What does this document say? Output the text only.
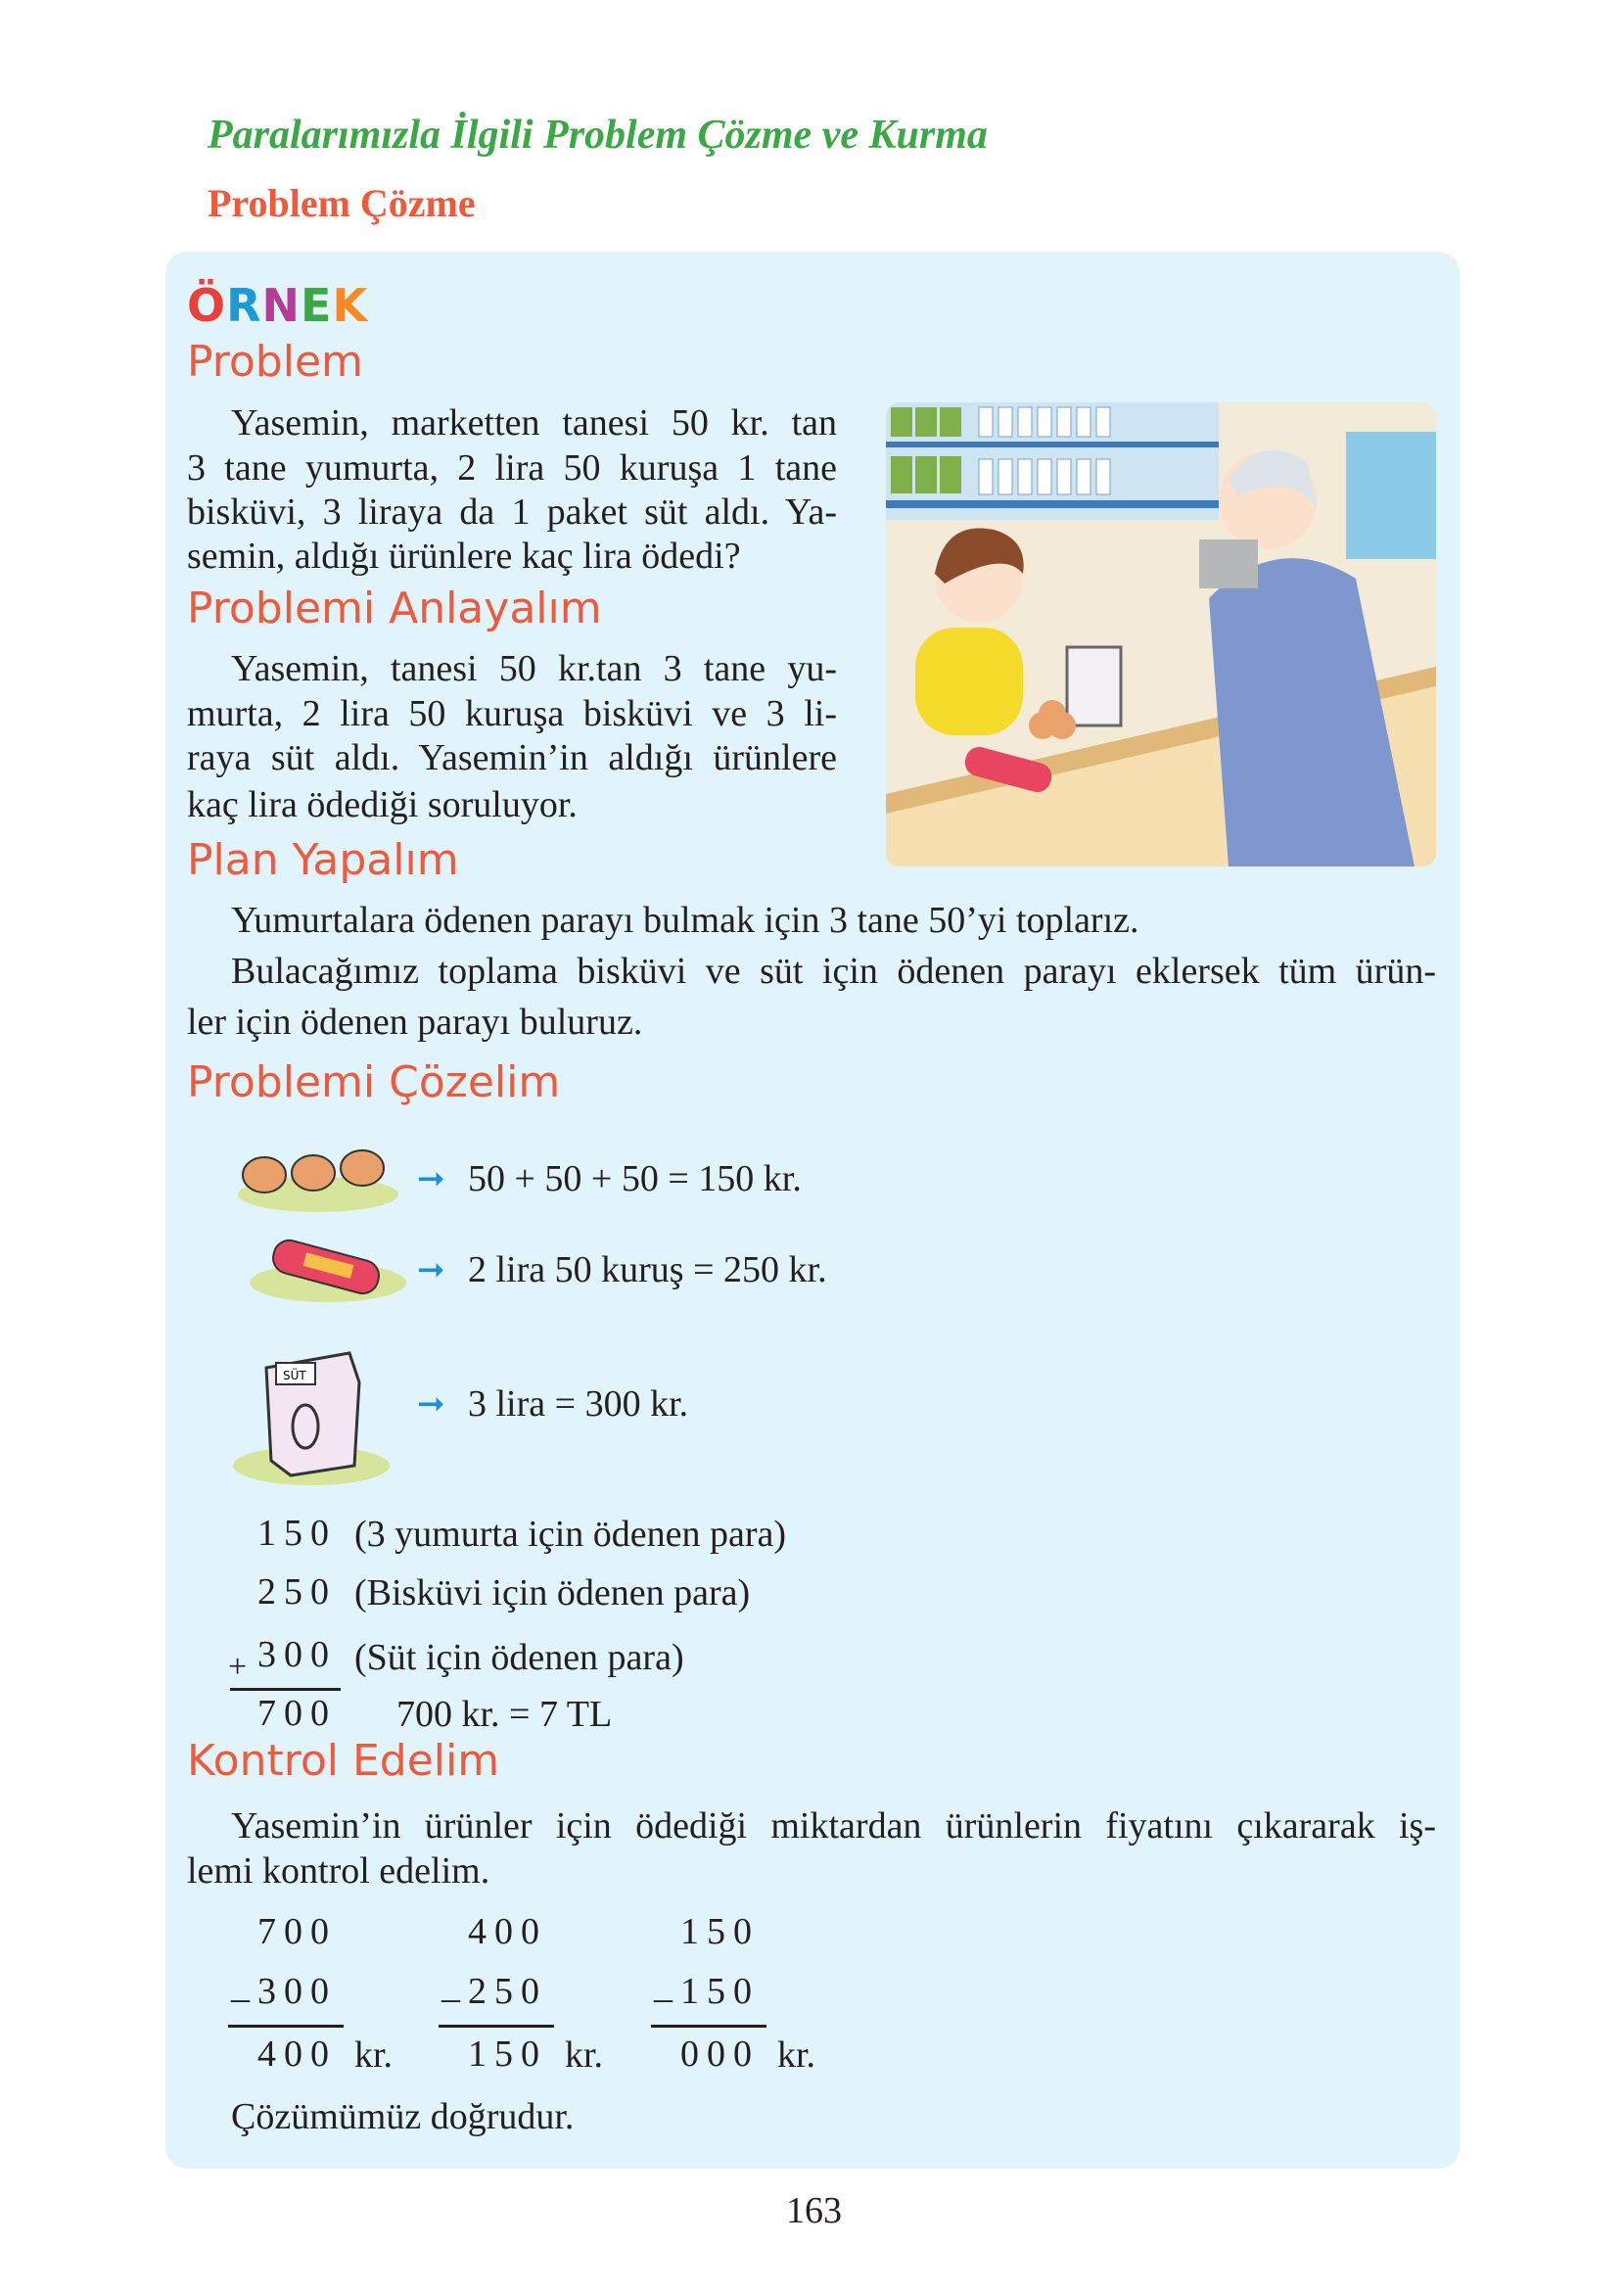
Paralarımızla İlgili Problem Çözme ve Kurma
Problem Çözme
ÖRNEK
Problem
Yasemin, marketten tanesi 50 kr. tan
3 tane yumurta, 2 lira 50 kuruşa 1 tane
bisküvi, 3 liraya da 1 paket süt aldı. Ya-
semin, aldığı ürünlere kaç lira ödedi?
Problemi Anlayalım
Yasemin, tanesi 50 kr.tan 3 tane yu-
murta, 2 lira 50 kuruşa bisküvi ve 3 li-
raya süt aldı. Yasemin’in aldığı ürünlere
kaç lira ödediği soruluyor.
Plan Yapalım
Yumurtalara ödenen parayı bulmak için 3 tane 50’yi toplarız.
Bulacağımız toplama bisküvi ve süt için ödenen parayı eklersek tüm ürün-
ler için ödenen parayı buluruz.
Problemi Çözelim
➞ 50 + 50 + 50 = 150 kr.
➞ 2 lira 50 kuruş = 250 kr.
SÜT
➞ 3 lira = 300 kr.
150 (3 yumurta için ödenen para)
250 (Bisküvi için ödenen para)
+ 300 (Süt için ödenen para)
700 700 kr. = 7 TL
Kontrol Edelim
Yasemin’in ürünler için ödediği miktardan ürünlerin fiyatını çıkararak iş-
lemi kontrol edelim.
700
_ 300
400 kr.
400
_ 250
150 kr.
150
_ 150
000 kr.
Çözümümüz doğrudur.
163
